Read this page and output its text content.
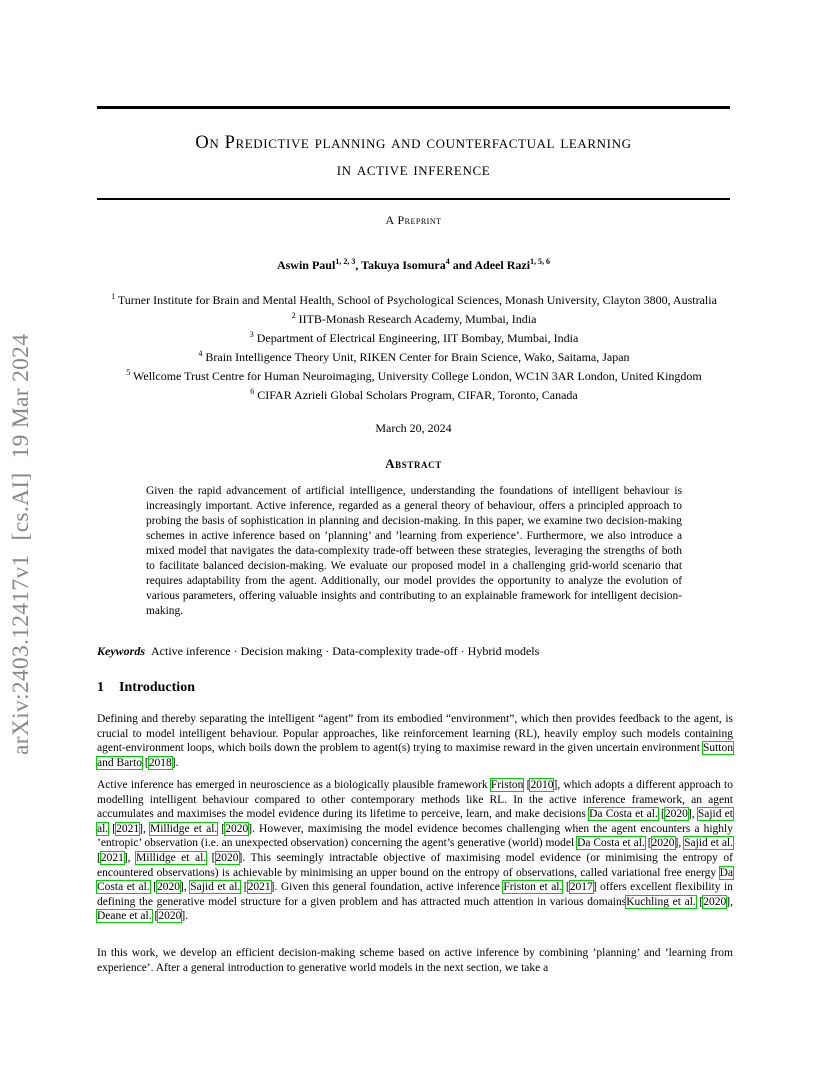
arXiv:2403.12417v1[cs.AI]19 Mar 2024
On Predictive planning and counterfactual learning
in active inference
A Preprint
Aswin Paul$^{1, 2, 3}$, Takuya Isomura$^4$ and Adeel Razi$^{1, 5, 6}$
$^1$ Turner Institute for Brain and Mental Health, School of Psychological Sciences, Monash University, Clayton 3800, Australia
$^2$ IITB-Monash Research Academy, Mumbai, India
$^3$ Department of Electrical Engineering, IIT Bombay, Mumbai, India
$^4$ Brain Intelligence Theory Unit, RIKEN Center for Brain Science, Wako, Saitama, Japan
$^5$ Wellcome Trust Centre for Human Neuroimaging, University College London, WC1N 3AR London, United Kingdom
$^6$ CIFAR Azrieli Global Scholars Program, CIFAR, Toronto, Canada
March 20, 2024
Abstract
Given the rapid advancement of artificial intelligence, understanding the foundations of intelligent behaviour is increasingly important. Active inference, regarded as a general theory of behaviour, offers a principled approach to probing the basis of sophistication in planning and decision-making. In this paper, we examine two decision-making schemes in active inference based on ’planning’ and ’learning from experience’. Furthermore, we also introduce a mixed model that navigates the data-complexity trade-off between these strategies, leveraging the strengths of both to facilitate balanced decision-making. We evaluate our proposed model in a challenging grid-world scenario that requires adaptability from the agent. Additionally, our model provides the opportunity to analyze the evolution of various parameters, offering valuable insights and contributing to an explainable framework for intelligent decision-making.
Keywords Active inference · Decision making · Data-complexity trade-off · Hybrid models
1 Introduction
Defining and thereby separating the intelligent “agent” from its embodied “environment”, which then provides feedback to the agent, is crucial to model intelligent behaviour. Popular approaches, like reinforcement learning (RL), heavily employ such models containing agent-environment loops, which boils down the problem to agent(s) trying to maximise reward in the given uncertain environment Sutton and Barto [2018].
Active inference has emerged in neuroscience as a biologically plausible framework Friston [2010], which adopts a different approach to modelling intelligent behaviour compared to other contemporary methods like RL. In the active inference framework, an agent accumulates and maximises the model evidence during its lifetime to perceive, learn, and make decisions Da Costa et al. [2020], Sajid et al. [2021], Millidge et al. [2020]. However, maximising the model evidence becomes challenging when the agent encounters a highly ’entropic’ observation (i.e. an unexpected observation) concerning the agent’s generative (world) model Da Costa et al. [2020], Sajid et al. [2021], Millidge et al. [2020]. This seemingly intractable objective of maximising model evidence (or minimising the entropy of encountered observations) is achievable by minimising an upper bound on the entropy of observations, called variational free energy Da Costa et al. [2020], Sajid et al. [2021]. Given this general foundation, active inference Friston et al. [2017] offers excellent flexibility in defining the generative model structure for a given problem and has attracted much attention in various domainsKuchling et al. [2020], Deane et al. [2020].
In this work, we develop an efficient decision-making scheme based on active inference by combining ’planning’ and ’learning from experience’. After a general introduction to generative world models in the next section, we take a
